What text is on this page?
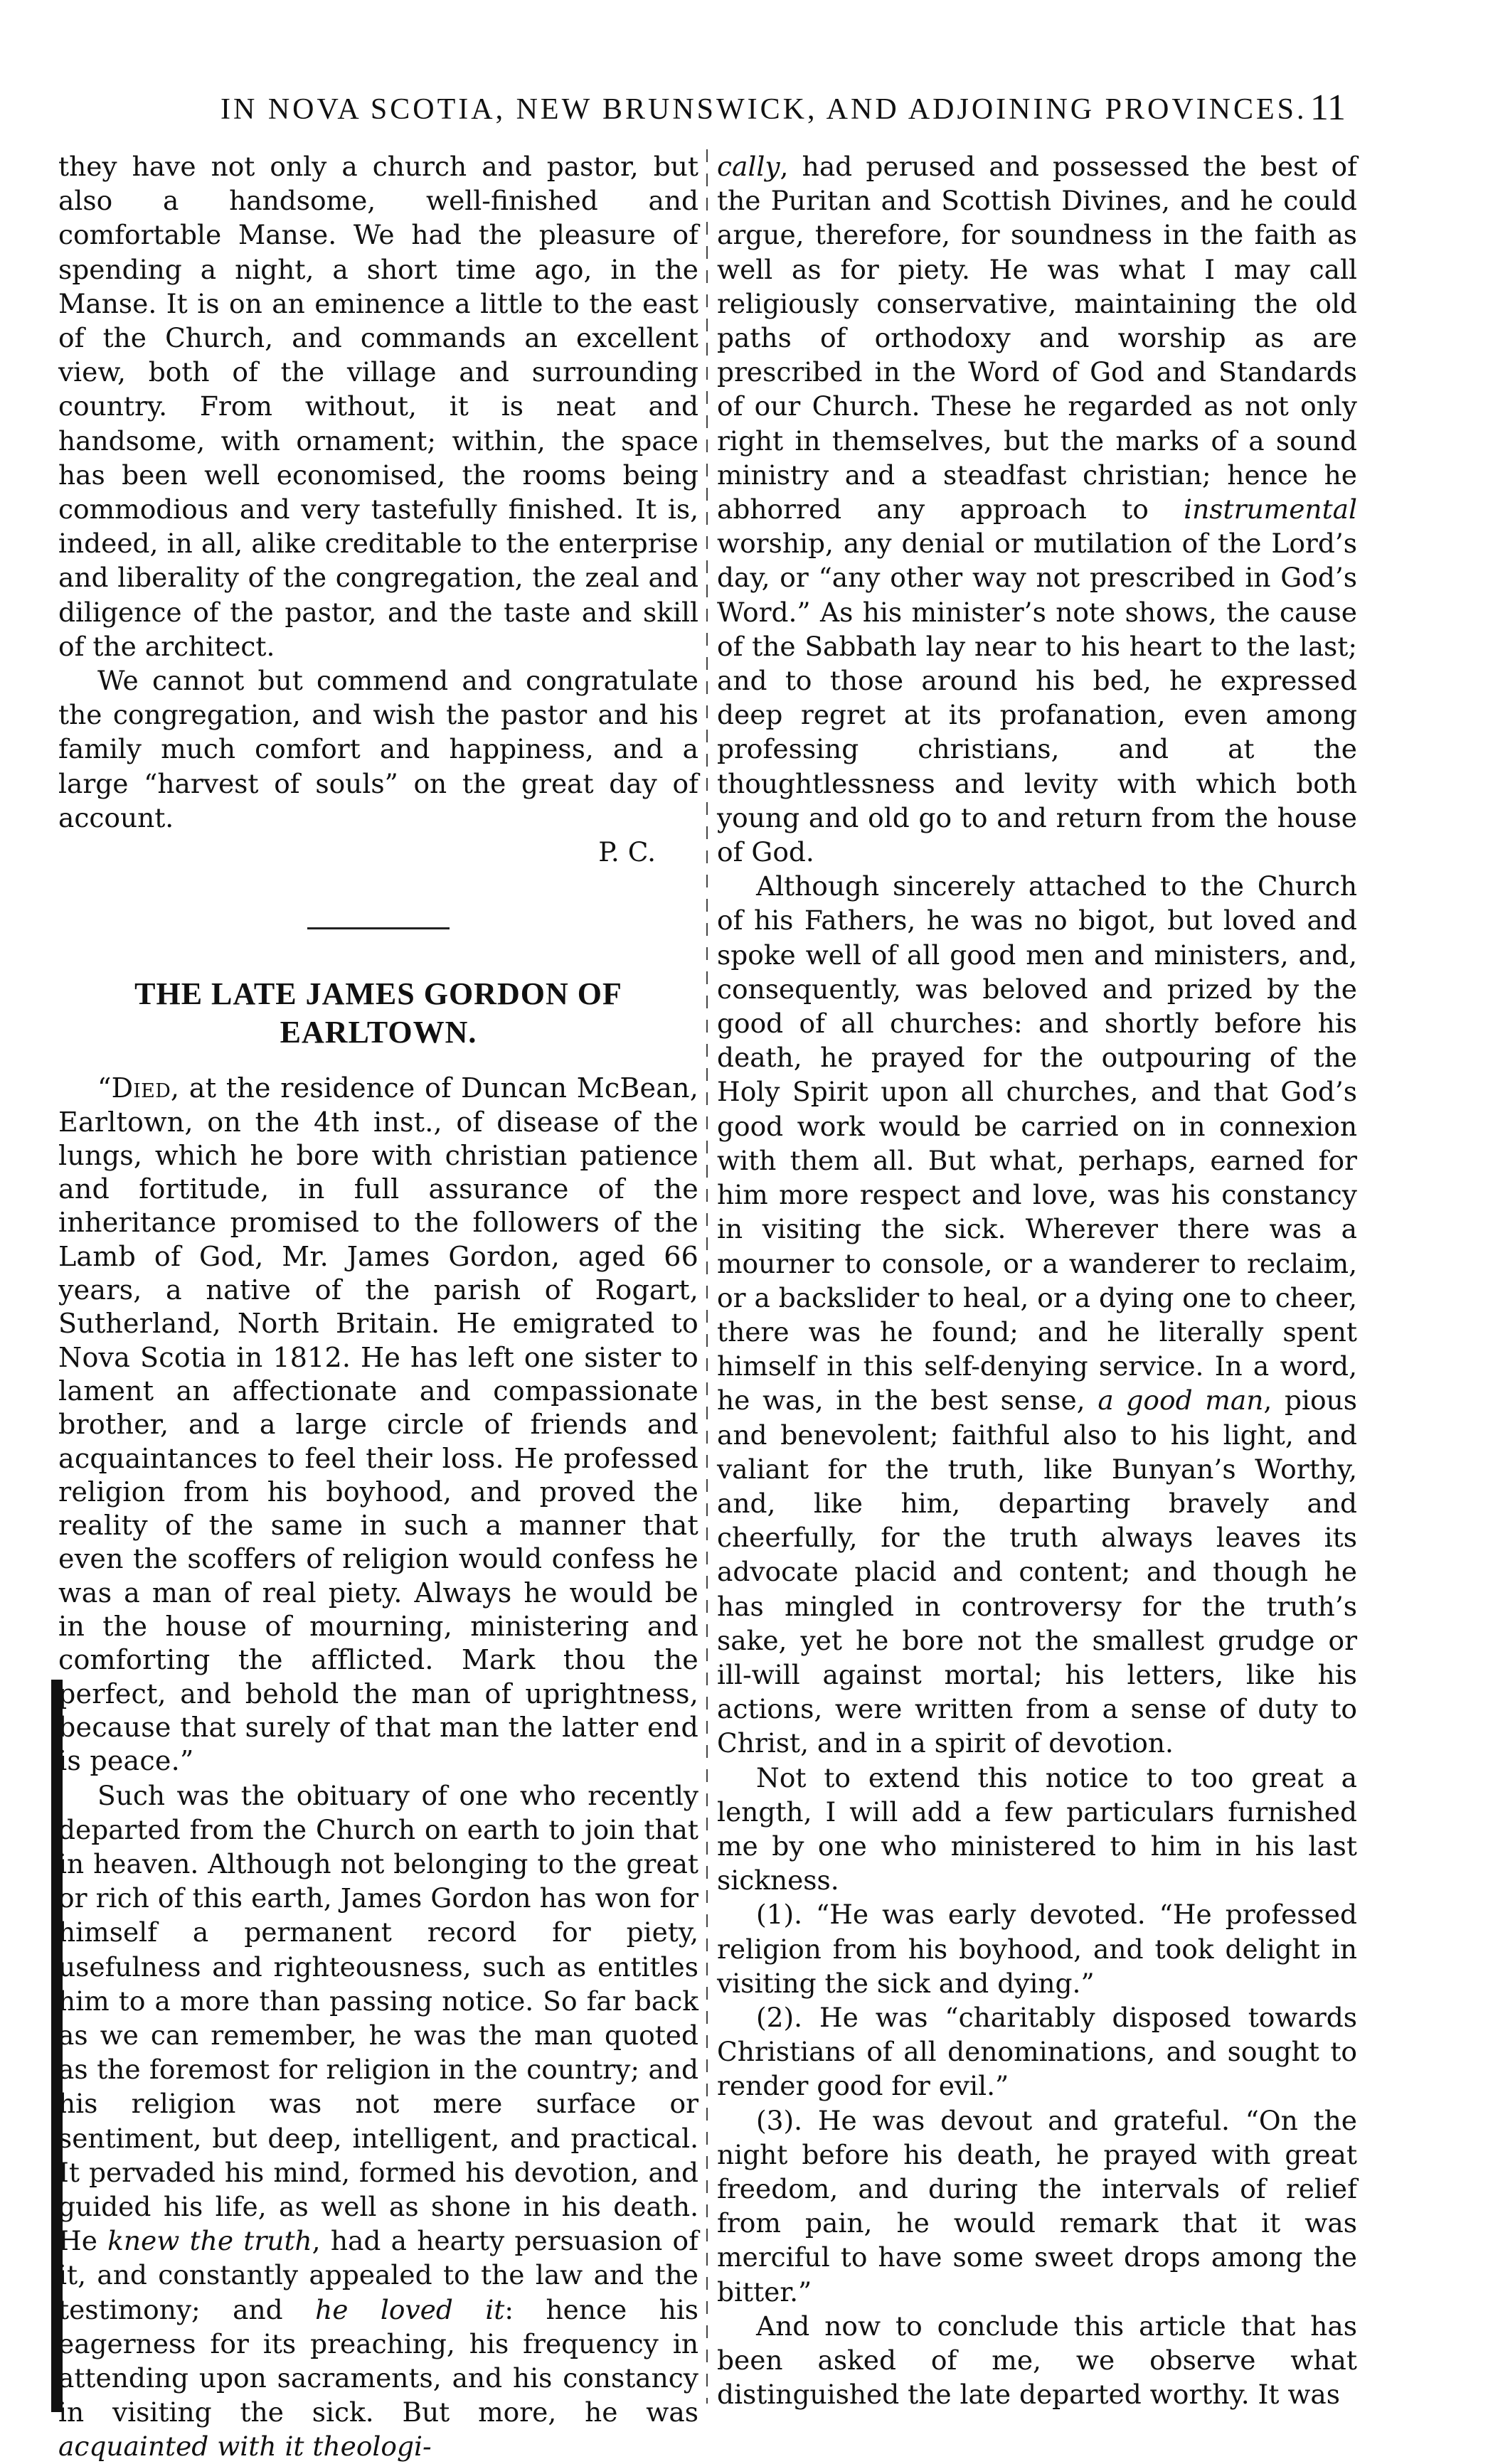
IN NOVA SCOTIA, NEW BRUNSWICK, AND ADJOINING PROVINCES. 11

they have not only a church and pastor, but also a handsome, well-finished and comfortable Manse. We had the pleasure of spending a night, a short time ago, in the Manse. It is on an eminence a little to the east of the Church, and commands an excellent view, both of the village and surrounding country. From without, it is neat and handsome, with ornament; within, the space has been well economised, the rooms being commodious and very tastefully finished. It is, indeed, in all, alike creditable to the enterprise and liberality of the congregation, the zeal and diligence of the pastor, and the taste and skill of the architect.

We cannot but commend and congratulate the congregation, and wish the pastor and his family much comfort and happiness, and a large “harvest of souls” on the great day of account.

P. C.
THE LATE JAMES GORDON OF EARLTOWN.

“Died, at the residence of Duncan McBean, Earltown, on the 4th inst., of disease of the lungs, which he bore with christian patience and fortitude, in full assurance of the inheritance promised to the followers of the Lamb of God, Mr. James Gordon, aged 66 years, a native of the parish of Rogart, Sutherland, North Britain. He emigrated to Nova Scotia in 1812. He has left one sister to lament an affectionate and compassionate brother, and a large circle of friends and acquaintances to feel their loss. He professed religion from his boyhood, and proved the reality of the same in such a manner that even the scoffers of religion would confess he was a man of real piety. Always he would be in the house of mourning, ministering and comforting the afflicted. Mark thou the perfect, and behold the man of uprightness, because that surely of that man the latter end is peace.”

Such was the obituary of one who recently departed from the Church on earth to join that in heaven. Although not belonging to the great or rich of this earth, James Gordon has won for himself a permanent record for piety, usefulness and righteousness, such as entitles him to a more than passing notice. So far back as we can remember, he was the man quoted as the foremost for religion in the country; and his religion was not mere surface or sentiment, but deep, intelligent, and practical. It pervaded his mind, formed his devotion, and guided his life, as well as shone in his death. He knew the truth, had a hearty persuasion of it, and constantly appealed to the law and the testimony; and he loved it: hence his eagerness for its preaching, his frequency in attending upon sacraments, and his constancy in visiting the sick. But more, he was acquainted with it theologi-

cally, had perused and possessed the best of the Puritan and Scottish Divines, and he could argue, therefore, for soundness in the faith as well as for piety. He was what I may call religiously conservative, maintaining the old paths of orthodoxy and worship as are prescribed in the Word of God and Standards of our Church. These he regarded as not only right in themselves, but the marks of a sound ministry and a steadfast christian; hence he abhorred any approach to instrumental worship, any denial or mutilation of the Lord’s day, or “any other way not prescribed in God’s Word.” As his minister’s note shows, the cause of the Sabbath lay near to his heart to the last; and to those around his bed, he expressed deep regret at its profanation, even among professing christians, and at the thoughtlessness and levity with which both young and old go to and return from the house of God.

Although sincerely attached to the Church of his Fathers, he was no bigot, but loved and spoke well of all good men and ministers, and, consequently, was beloved and prized by the good of all churches: and shortly before his death, he prayed for the outpouring of the Holy Spirit upon all churches, and that God’s good work would be carried on in connexion with them all. But what, perhaps, earned for him more respect and love, was his constancy in visiting the sick. Wherever there was a mourner to console, or a wanderer to reclaim, or a backslider to heal, or a dying one to cheer, there was he found; and he literally spent himself in this self-denying service. In a word, he was, in the best sense, a good man, pious and benevolent; faithful also to his light, and valiant for the truth, like Bunyan’s Worthy, and, like him, departing bravely and cheerfully, for the truth always leaves its advocate placid and content; and though he has mingled in controversy for the truth’s sake, yet he bore not the smallest grudge or ill-will against mortal; his letters, like his actions, were written from a sense of duty to Christ, and in a spirit of devotion.

Not to extend this notice to too great a length, I will add a few particulars furnished me by one who ministered to him in his last sickness.

(1). “He was early devoted. “He professed religion from his boyhood, and took delight in visiting the sick and dying.”

(2). He was “charitably disposed towards Christians of all denominations, and sought to render good for evil.”

(3). He was devout and grateful. “On the night before his death, he prayed with great freedom, and during the intervals of relief from pain, he would remark that it was merciful to have some sweet drops among the bitter.”

And now to conclude this article that has been asked of me, we observe what distinguished the late departed worthy. It was
